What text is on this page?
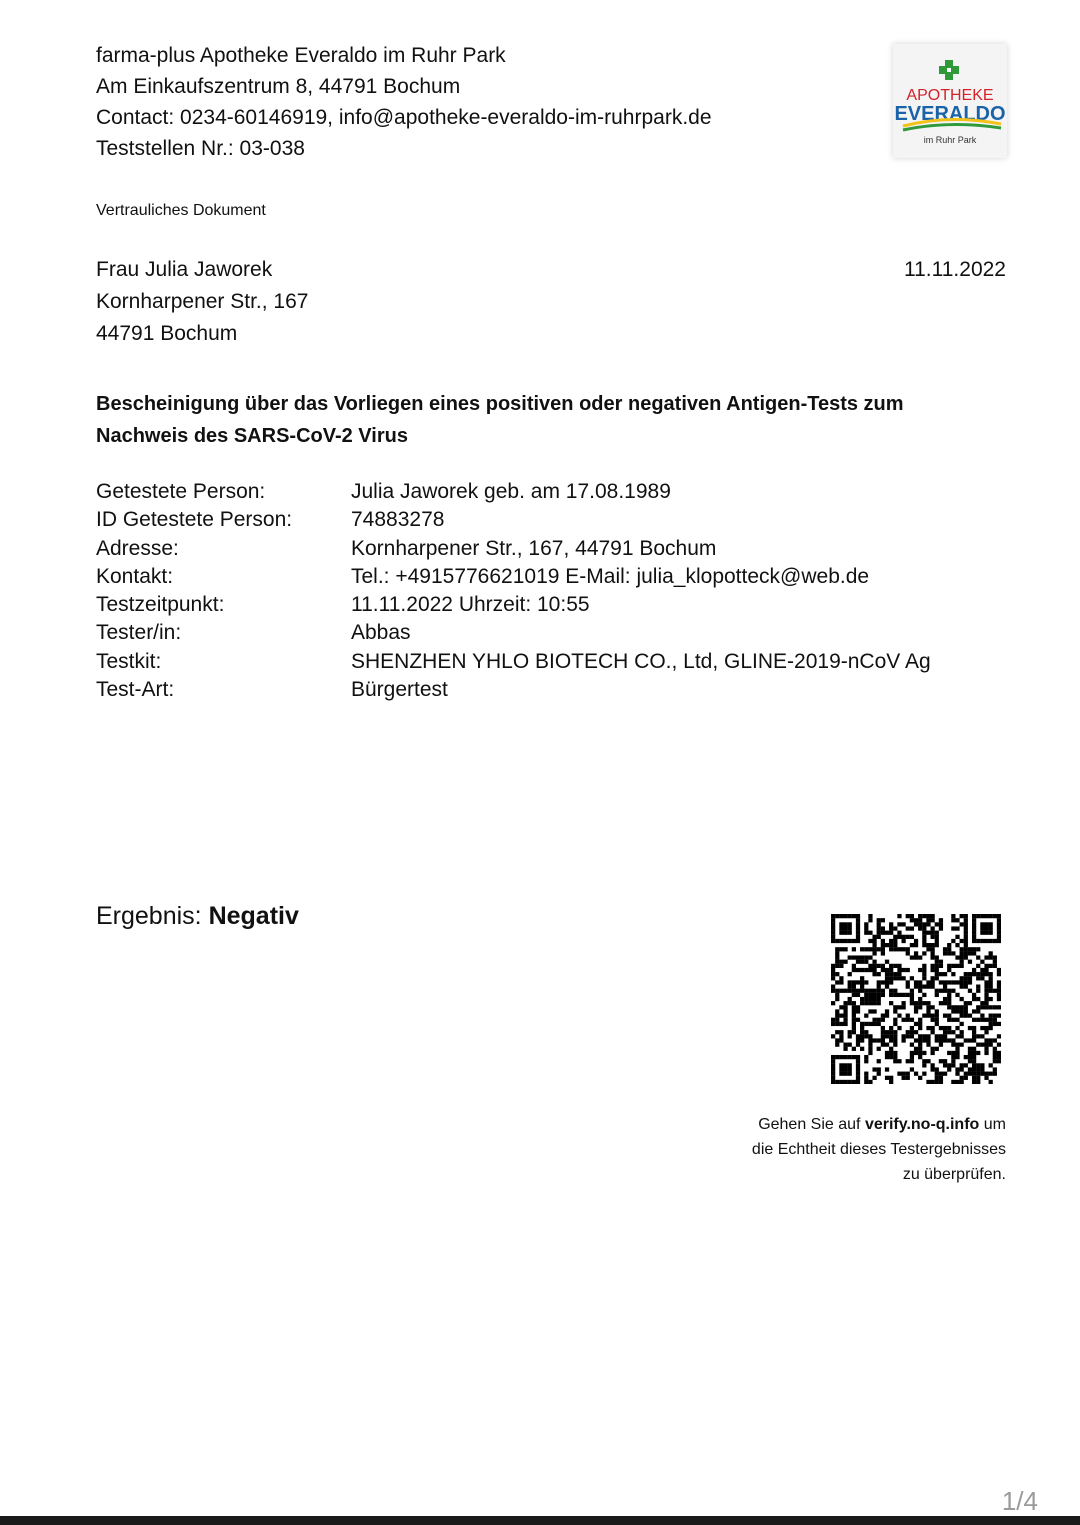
farma-plus Apotheke Everaldo im Ruhr Park
Am Einkaufszentrum 8, 44791 Bochum
Contact: 0234-60146919, info@apotheke-everaldo-im-ruhrpark.de
Teststellen Nr.: 03-038
APOTHEKE
EVERALDO
im Ruhr Park
Vertrauliches Dokument
Frau Julia Jaworek
Kornharpener Str., 167
44791 Bochum
11.11.2022
Bescheinigung über das Vorliegen eines positiven oder negativen Antigen-Tests zum
Nachweis des SARS-CoV-2 Virus
Getestete Person:	Julia Jaworek geb. am 17.08.1989
ID Getestete Person:	74883278
Adresse:	Kornharpener Str., 167, 44791 Bochum
Kontakt:	Tel.: +4915776621019 E-Mail: julia_klopotteck@web.de
Testzeitpunkt:	11.11.2022 Uhrzeit: 10:55
Tester/in:	Abbas
Testkit:	SHENZHEN YHLO BIOTECH CO., Ltd, GLINE-2019-nCoV Ag
Test-Art:	Bürgertest
Ergebnis: Negativ
Gehen Sie auf verify.no-q.info um
die Echtheit dieses Testergebnisses
zu überprüfen.
1/4
